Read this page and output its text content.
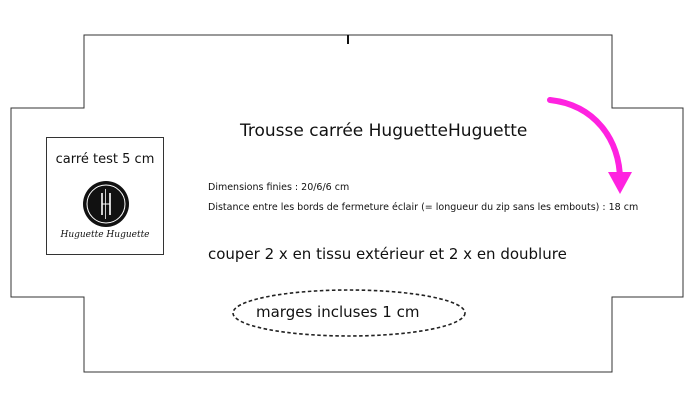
carré test 5 cm
Huguette Huguette
Trousse carrée HuguetteHuguette
Dimensions finies : 20/6/6 cm
Distance entre les bords de fermeture éclair (= longueur du zip sans les embouts) : 18 cm
couper 2 x en tissu extérieur et 2 x en doublure
marges incluses 1 cm
